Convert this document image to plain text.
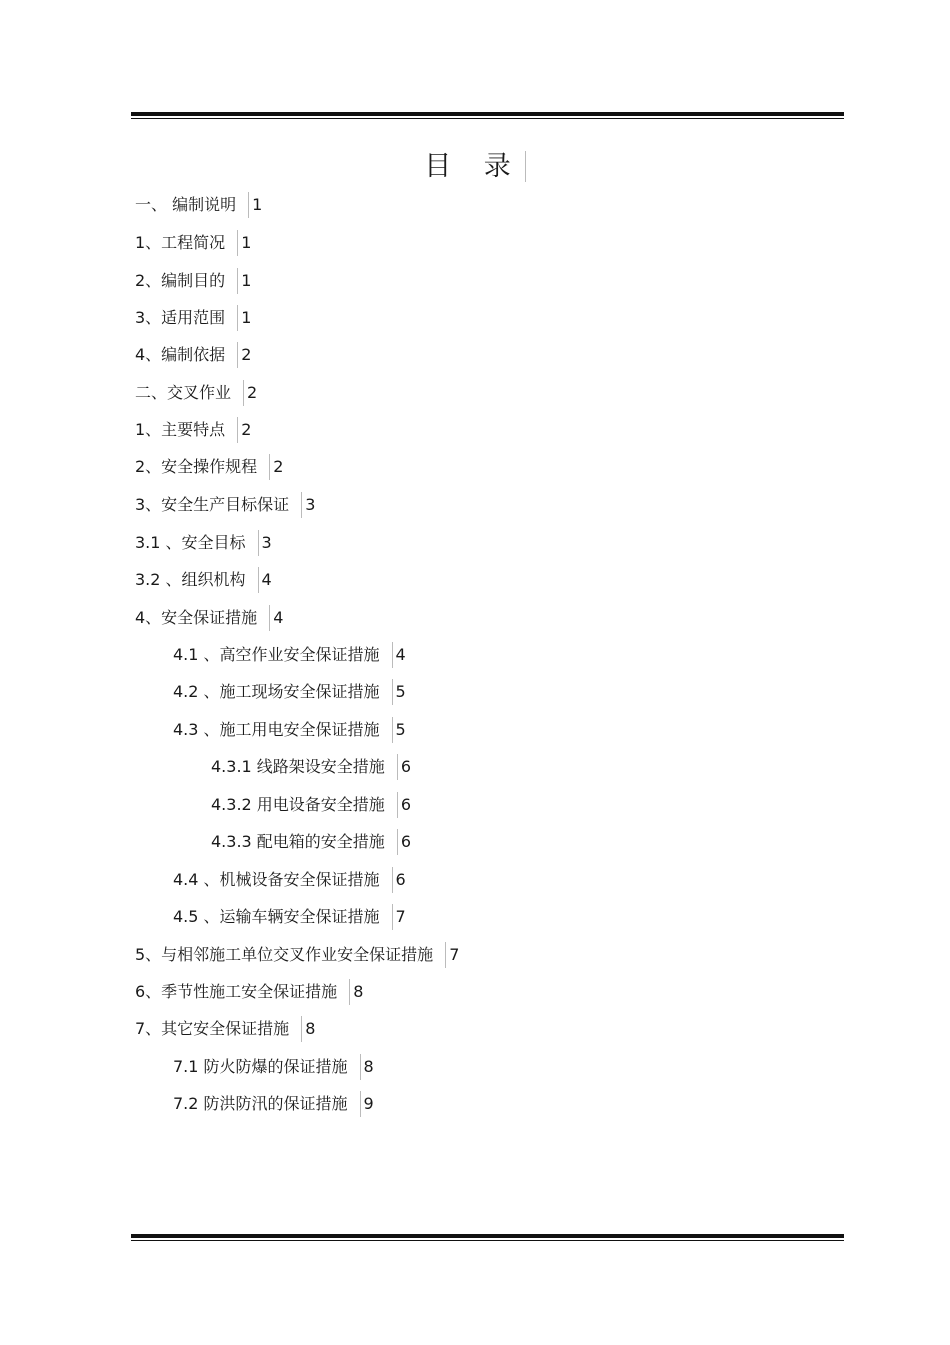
目 录
一、 编制说明 1
1、工程简况 1
2、编制目的 1
3、适用范围 1
4、编制依据 2
二、交叉作业 2
1、主要特点 2
2、安全操作规程 2
3、安全生产目标保证 3
3.1 、安全目标 3
3.2 、组织机构 4
4、安全保证措施 4
4.1 、高空作业安全保证措施 4
4.2 、施工现场安全保证措施 5
4.3 、施工用电安全保证措施 5
4.3.1 线路架设安全措施 6
4.3.2 用电设备安全措施 6
4.3.3 配电箱的安全措施 6
4.4 、机械设备安全保证措施 6
4.5 、运输车辆安全保证措施 7
5、与相邻施工单位交叉作业安全保证措施 7
6、季节性施工安全保证措施 8
7、其它安全保证措施 8
7.1 防火防爆的保证措施 8
7.2 防洪防汛的保证措施 9
